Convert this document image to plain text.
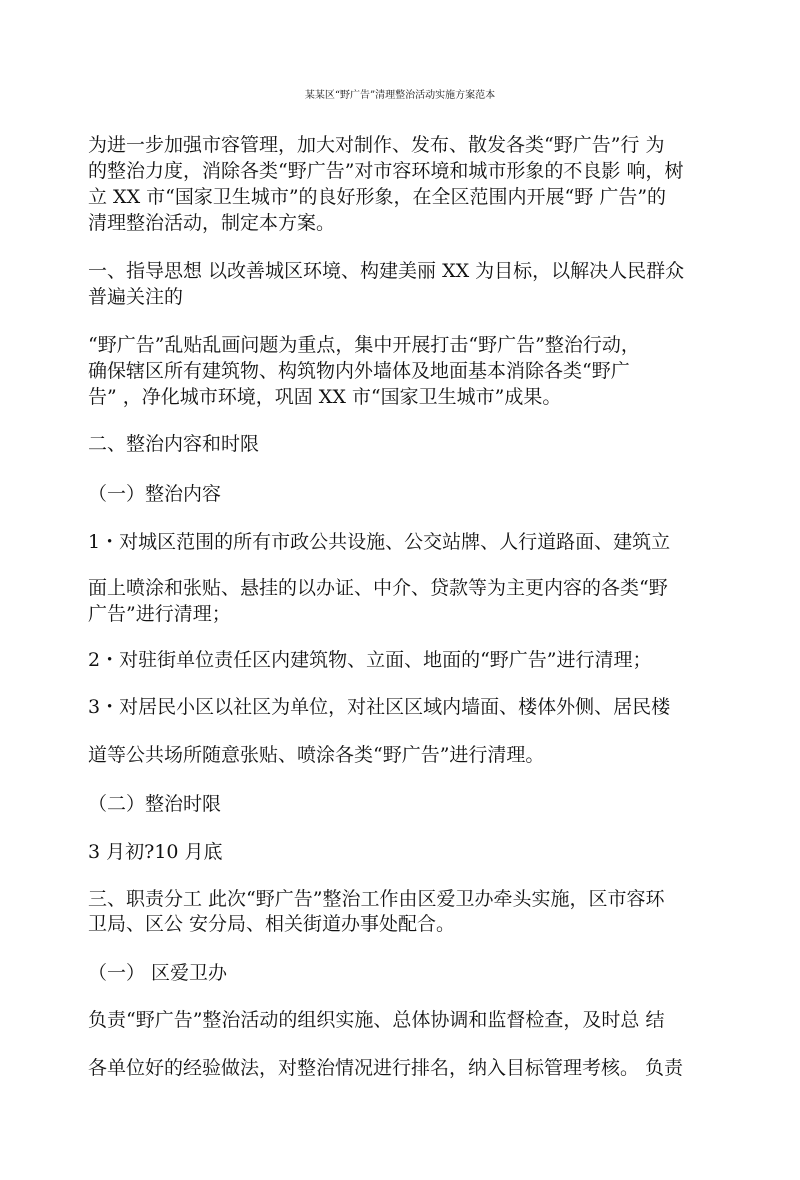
某某区“野广告”清理整治活动实施方案范本
为进一步加强市容管理，加大对制作、发布、散发各类“野广告”行 为
的整治力度，消除各类“野广告”对市容环境和城市形象的不良影 响，树
立 XX 市“国家卫生城市”的良好形象，在全区范围内开展“野 广告”的
清理整治活动，制定本方案。
一、指导思想 以改善城区环境、构建美丽 XX 为目标，以解决人民群众
普遍关注的
“野广告”乱贴乱画问题为重点，集中开展打击“野广告”整治行动，
确保辖区所有建筑物、构筑物内外墙体及地面基本消除各类“野广
告” ，净化城市环境，巩固 XX 市“国家卫生城市”成果。
二、整治内容和时限
（一）整治内容
1・对城区范围的所有市政公共设施、公交站牌、人行道路面、建筑立
面上喷涂和张贴、悬挂的以办证、中介、贷款等为主更内容的各类“野
广告”进行清理；
2・对驻街单位责任区内建筑物、立面、地面的“野广告”进行清理；
3・对居民小区以社区为单位，对社区区域内墙面、楼体外侧、居民楼
道等公共场所随意张贴、喷涂各类“野广告”进行清理。
（二）整治时限
3 月初?10 月底
三、职责分工 此次“野广告”整治工作由区爱卫办牵头实施，区市容环
卫局、区公 安分局、相关街道办事处配合。
（一） 区爱卫办
负责“野广告”整治活动的组织实施、总体协调和监督检查，及时总 结
各单位好的经验做法，对整治情况进行排名，纳入目标管理考核。 负责
